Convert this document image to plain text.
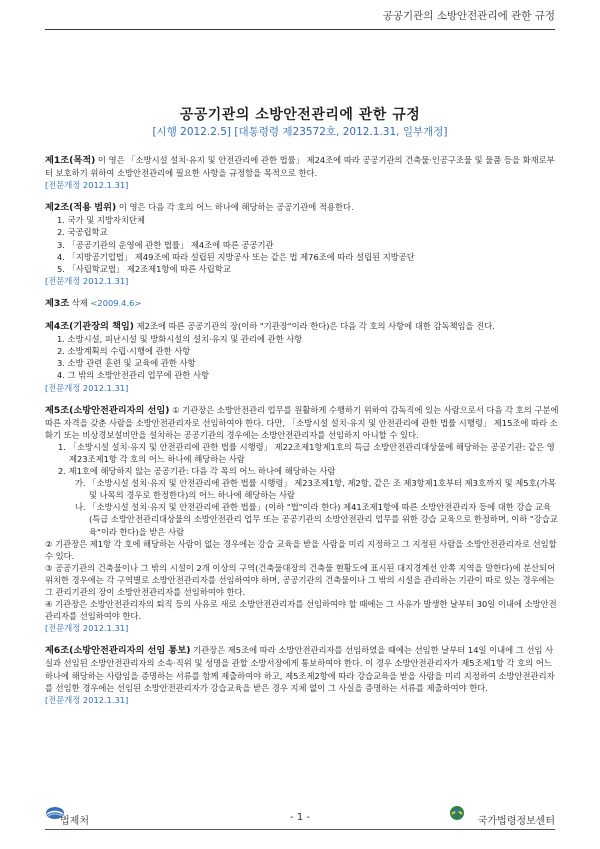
공공기관의 소방안전관리에 관한 규정
공공기관의 소방안전관리에 관한 규정
[시행 2012.2.5] [대통령령 제23572호, 2012.1.31, 일부개정]

제1조(목적) 이 영은 「소방시설 설치·유지 및 안전관리에 관한 법률」 제24조에 따라 공공기관의 건축물·인공구조물 및 물품 등을 화재로부터 보호하기 위하여 소방안전관리에 필요한 사항을 규정함을 목적으로 한다.

[전문개정 2012.1.31]

제2조(적용 범위) 이 영은 다음 각 호의 어느 하나에 해당하는 공공기관에 적용한다.

1. 국가 및 지방자치단체

2. 국공립학교

3. 「공공기관의 운영에 관한 법률」 제4조에 따른 공공기관

4. 「지방공기업법」 제49조에 따라 설립된 지방공사 또는 같은 법 제76조에 따라 설립된 지방공단

5. 「사립학교법」 제2조제1항에 따른 사립학교

[전문개정 2012.1.31]

제3조 삭제 <2009.4.6>

제4조(기관장의 책임) 제2조에 따른 공공기관의 장(이하 "기관장"이라 한다)은 다음 각 호의 사항에 대한 감독책임을 진다.

1. 소방시설, 피난시설 및 방화시설의 설치·유지 및 관리에 관한 사항

2. 소방계획의 수립·시행에 관한 사항

3. 소방 관련 훈련 및 교육에 관한 사항

4. 그 밖의 소방안전관리 업무에 관한 사항

[전문개정 2012.1.31]

제5조(소방안전관리자의 선임) ① 기관장은 소방안전관리 업무를 원활하게 수행하기 위하여 감독직에 있는 사람으로서 다음 각 호의 구분에 따른 자격을 갖춘 사람을 소방안전관리자로 선임하여야 한다. 다만, 「소방시설 설치·유지 및 안전관리에 관한 법률 시행령」 제15조에 따라 소화기 또는 비상경보설비만을 설치하는 공공기관의 경우에는 소방안전관리자를 선임하지 아니할 수 있다.

1. 「소방시설 설치·유지 및 안전관리에 관한 법률 시행령」 제22조제1항제1호의 특급 소방안전관리대상물에 해당하는 공공기관: 같은 영 제23조제1항 각 호의 어느 하나에 해당하는 사람

2. 제1호에 해당하지 않는 공공기관: 다음 각 목의 어느 하나에 해당하는 사람

가. 「소방시설 설치·유지 및 안전관리에 관한 법률 시행령」 제23조제1항, 제2항, 같은 조 제3항제1호부터 제3호까지 및 제5호(가목 및 나목의 경우로 한정한다)의 어느 하나에 해당하는 사람

나. 「소방시설 설치·유지 및 안전관리에 관한 법률」(이하 "법"이라 한다) 제41조제1항에 따른 소방안전관리자 등에 대한 강습 교육(특급 소방안전관리대상물의 소방안전관리 업무 또는 공공기관의 소방안전관리 업무를 위한 강습 교육으로 한정하며, 이하 "강습교육"이라 한다)을 받은 사람

② 기관장은 제1항 각 호에 해당하는 사람이 없는 경우에는 강습 교육을 받을 사람을 미리 지정하고 그 지정된 사람을 소방안전관리자로 선임할 수 있다.

③ 공공기관의 건축물이나 그 밖의 시설이 2개 이상의 구역(건축물대장의 건축물 현황도에 표시된 대지경계선 안쪽 지역을 말한다)에 분산되어 위치한 경우에는 각 구역별로 소방안전관리자를 선임하여야 하며, 공공기관의 건축물이나 그 밖의 시설을 관리하는 기관이 따로 있는 경우에는 그 관리기관의 장이 소방안전관리자를 선임하여야 한다.

④ 기관장은 소방안전관리자의 퇴직 등의 사유로 새로 소방안전관리자를 선임하여야 할 때에는 그 사유가 발생한 날부터 30일 이내에 소방안전관리자를 선임하여야 한다.

[전문개정 2012.1.31]

제6조(소방안전관리자의 선임 통보) 기관장은 제5조에 따라 소방안전관리자를 선임하였을 때에는 선임한 날부터 14일 이내에 그 선임 사실과 선임된 소방안전관리자의 소속·직위 및 성명을 관할 소방서장에게 통보하여야 한다. 이 경우 소방안전관리자가 제5조제1항 각 호의 어느 하나에 해당하는 사람임을 증명하는 서류를 함께 제출하여야 하고, 제5조제2항에 따라 강습교육을 받을 사람을 미리 지정하여 소방안전관리자를 선임한 경우에는 선임된 소방안전관리자가 강습교육을 받은 경우 지체 없이 그 사실을 증명하는 서류를 제출하여야 한다.

[전문개정 2012.1.31]

법제처	- 1 -	국가법령정보센터
